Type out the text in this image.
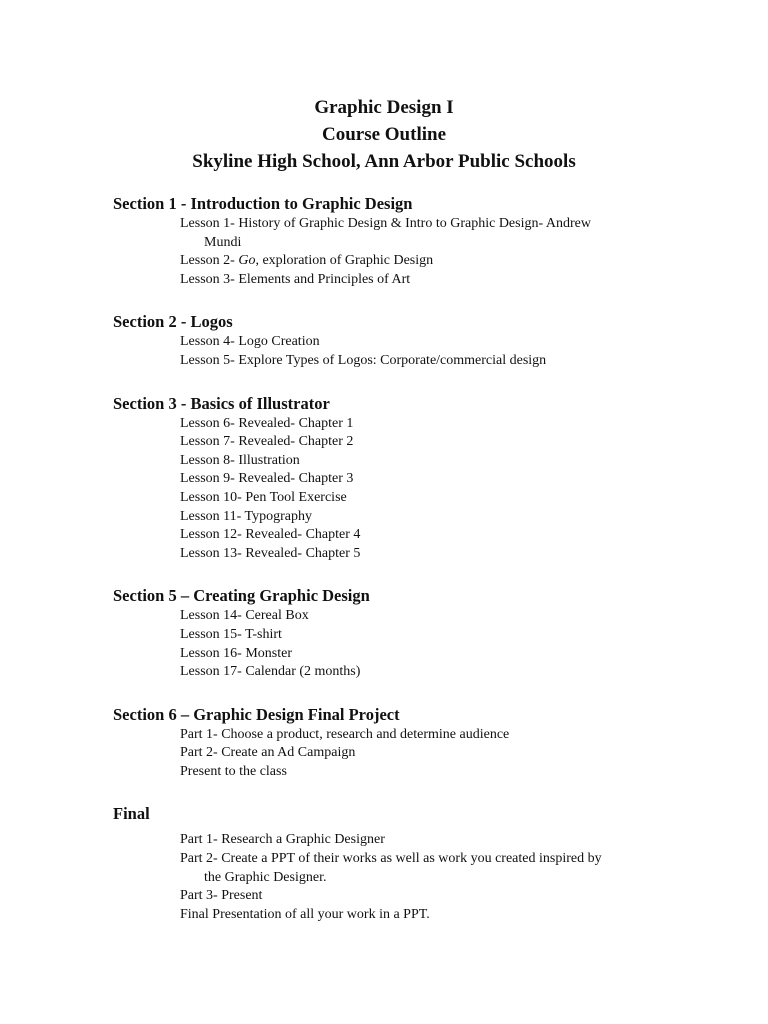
Graphic Design I
Course Outline
Skyline High School, Ann Arbor Public Schools
Section 1 - Introduction to Graphic Design
Lesson 1- History of Graphic Design & Intro to Graphic Design- Andrew
Mundi
Lesson 2- Go, exploration of Graphic Design
Lesson 3- Elements and Principles of Art
Section 2 - Logos
Lesson 4- Logo Creation
Lesson 5- Explore Types of Logos: Corporate/commercial design
Section 3 - Basics of Illustrator
Lesson 6- Revealed- Chapter 1
Lesson 7- Revealed- Chapter 2
Lesson 8- Illustration
Lesson 9- Revealed- Chapter 3
Lesson 10- Pen Tool Exercise
Lesson 11- Typography
Lesson 12- Revealed- Chapter 4
Lesson 13- Revealed- Chapter 5
Section 5 – Creating Graphic Design
Lesson 14- Cereal Box
Lesson 15- T-shirt
Lesson 16- Monster
Lesson 17- Calendar (2 months)
Section 6 – Graphic Design Final Project
Part 1- Choose a product, research and determine audience
Part 2- Create an Ad Campaign
Present to the class
Final
Part 1- Research a Graphic Designer
Part 2- Create a PPT of their works as well as work you created inspired by
the Graphic Designer.
Part 3- Present
Final Presentation of all your work in a PPT.
